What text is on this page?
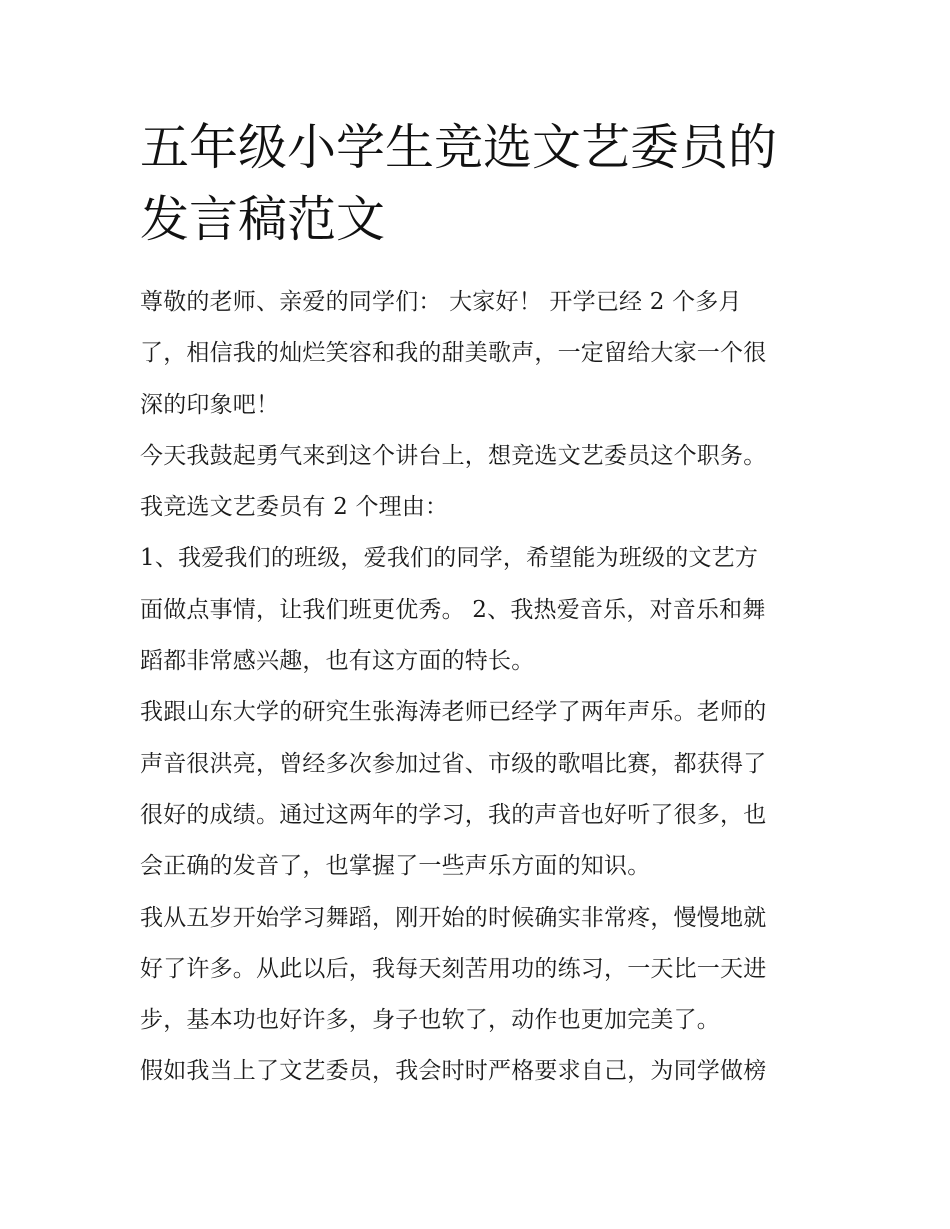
五年级小学生竞选文艺委员的
发言稿范文
尊敬的老师、亲爱的同学们： 大家好！ 开学已经 2 个多月
了，相信我的灿烂笑容和我的甜美歌声，一定留给大家一个很
深的印象吧！
今天我鼓起勇气来到这个讲台上，想竞选文艺委员这个职务。
我竞选文艺委员有 2 个理由：
1、我爱我们的班级，爱我们的同学，希望能为班级的文艺方
面做点事情，让我们班更优秀。 2、我热爱音乐，对音乐和舞
蹈都非常感兴趣，也有这方面的特长。
我跟山东大学的研究生张海涛老师已经学了两年声乐。老师的
声音很洪亮，曾经多次参加过省、市级的歌唱比赛，都获得了
很好的成绩。通过这两年的学习，我的声音也好听了很多，也
会正确的发音了，也掌握了一些声乐方面的知识。
我从五岁开始学习舞蹈，刚开始的时候确实非常疼，慢慢地就
好了许多。从此以后，我每天刻苦用功的练习，一天比一天进
步，基本功也好许多，身子也软了，动作也更加完美了。
假如我当上了文艺委员，我会时时严格要求自己，为同学做榜
